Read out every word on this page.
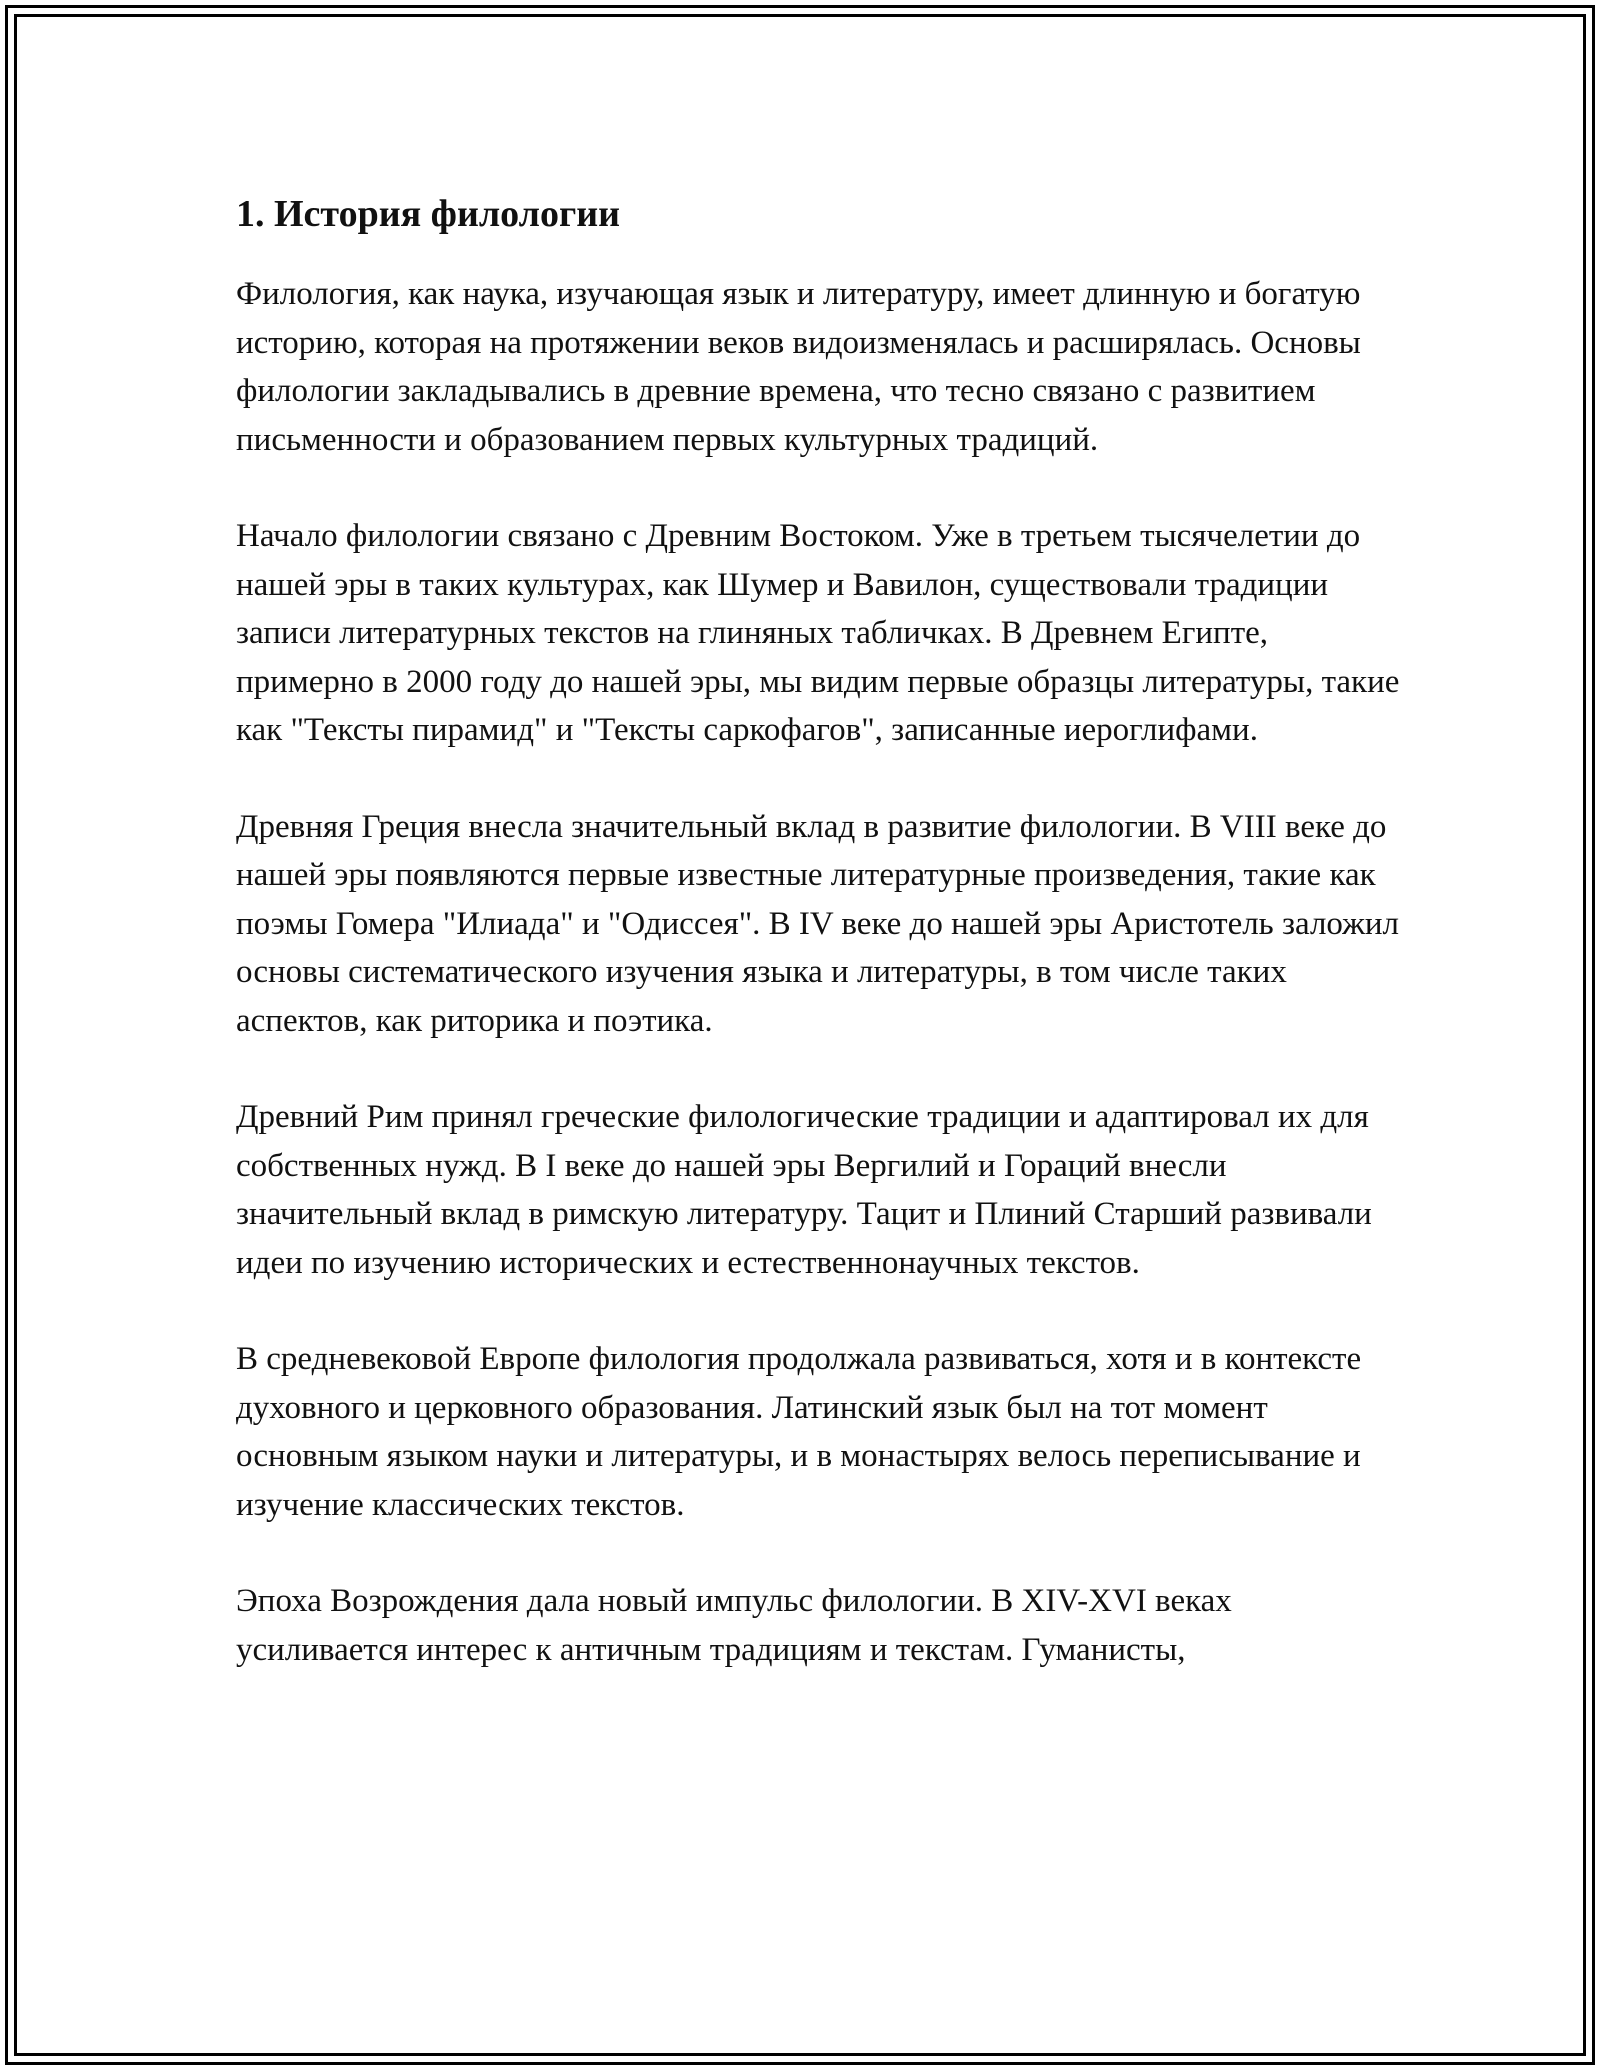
1. История филологии

Филология, как наука, изучающая язык и литературу, имеет длинную и богатую историю, которая на протяжении веков видоизменялась и расширялась. Основы филологии закладывались в древние времена, что тесно связано с развитием письменности и образованием первых культурных традиций.

Начало филологии связано с Древним Востоком. Уже в третьем тысячелетии до нашей эры в таких культурах, как Шумер и Вавилон, существовали традиции записи литературных текстов на глиняных табличках. В Древнем Египте, примерно в 2000 году до нашей эры, мы видим первые образцы литературы, такие как "Тексты пирамид" и "Тексты саркофагов", записанные иероглифами.

Древняя Греция внесла значительный вклад в развитие филологии. В VIII веке до нашей эры появляются первые известные литературные произведения, такие как поэмы Гомера "Илиада" и "Одиссея". В IV веке до нашей эры Аристотель заложил основы систематического изучения языка и литературы, в том числе таких аспектов, как риторика и поэтика.

Древний Рим принял греческие филологические традиции и адаптировал их для собственных нужд. В I веке до нашей эры Вергилий и Гораций внесли значительный вклад в римскую литературу. Тацит и Плиний Старший развивали идеи по изучению исторических и естественнонаучных текстов.

В средневековой Европе филология продолжала развиваться, хотя и в контексте духовного и церковного образования. Латинский язык был на тот момент основным языком науки и литературы, и в монастырях велось переписывание и изучение классических текстов.

Эпоха Возрождения дала новый импульс филологии. В XIV-XVI веках усиливается интерес к античным традициям и текстам. Гуманисты,
